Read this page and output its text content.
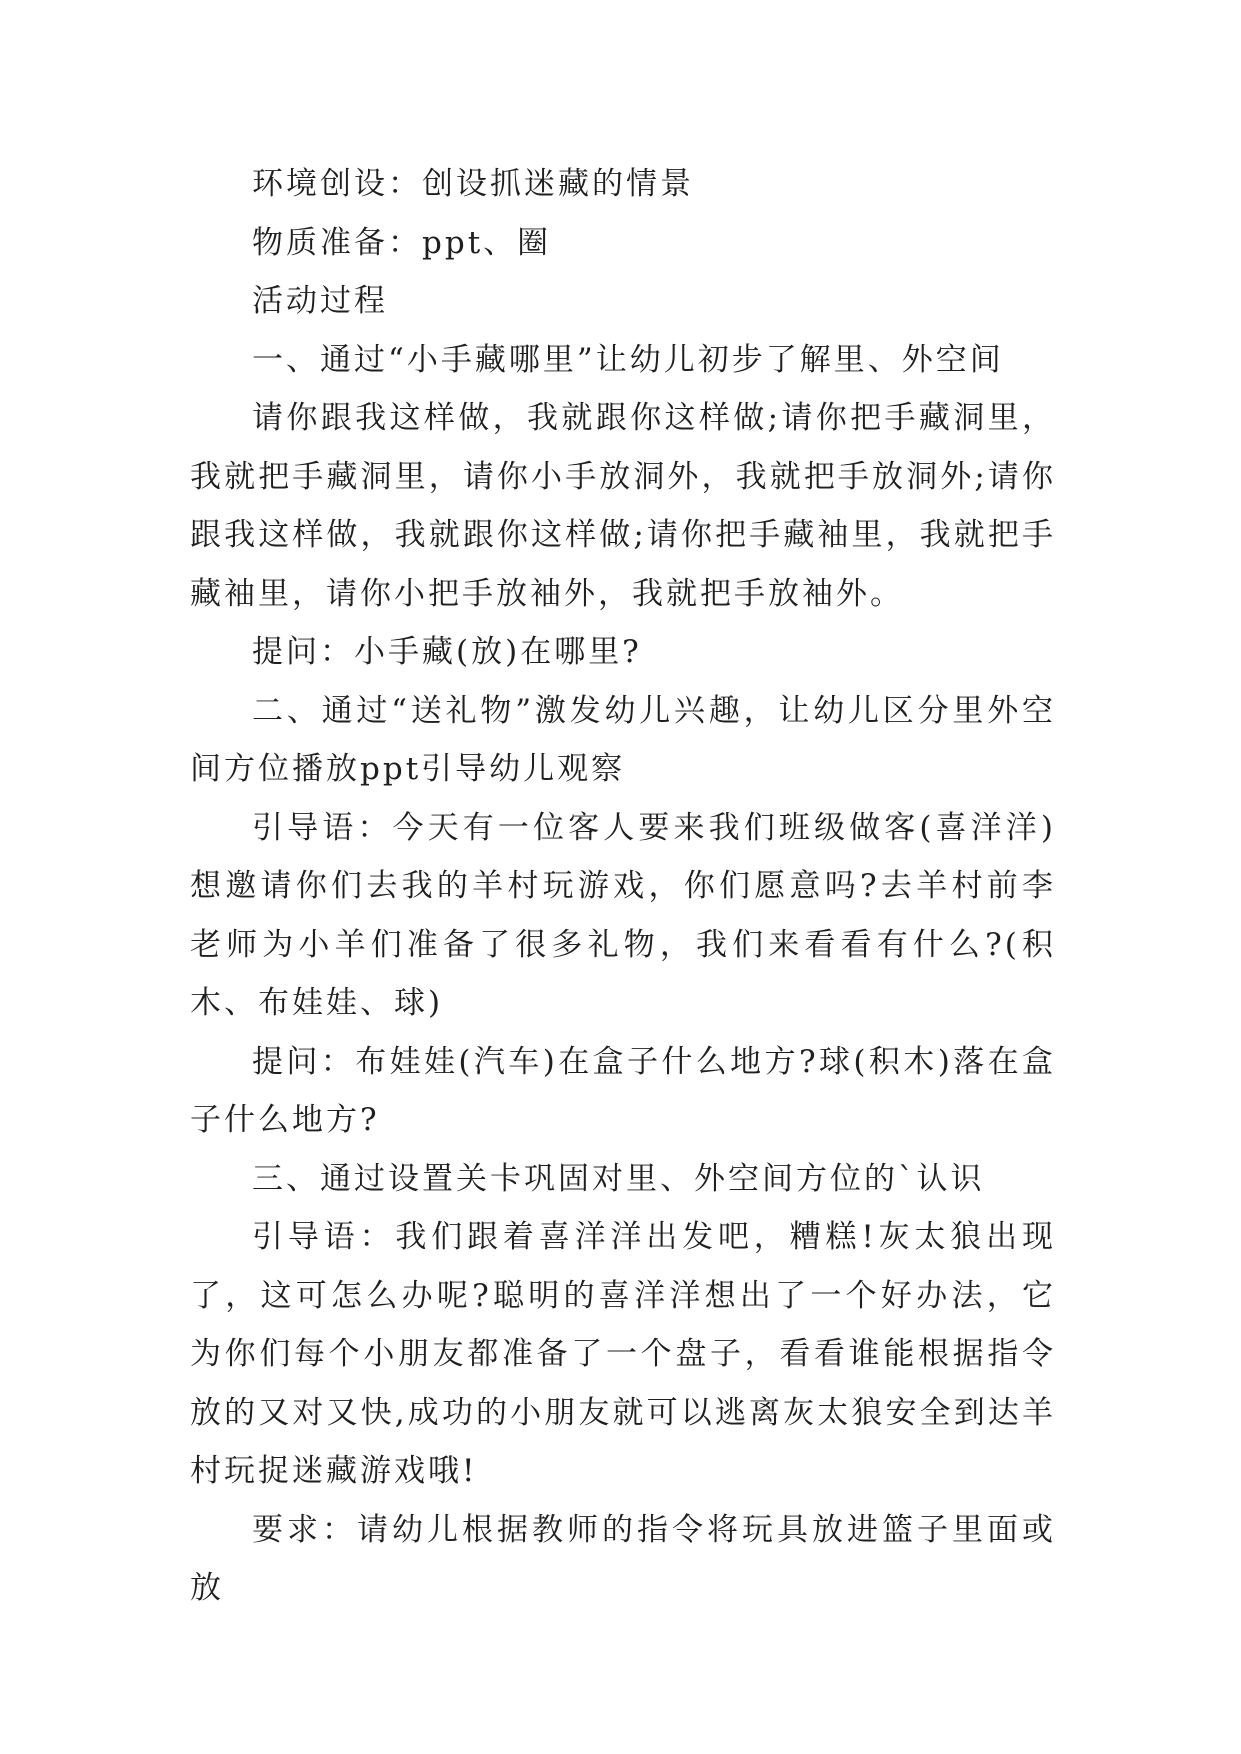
环境创设：创设抓迷藏的情景

物质准备：ppt、圈

活动过程

一、通过“小手藏哪里”让幼儿初步了解里、外空间

请你跟我这样做，我就跟你这样做;请你把手藏洞里，我就把手藏洞里，请你小手放洞外，我就把手放洞外;请你跟我这样做，我就跟你这样做;请你把手藏袖里，我就把手藏袖里，请你小把手放袖外，我就把手放袖外。

提问：小手藏(放)在哪里?

二、通过“送礼物”激发幼儿兴趣，让幼儿区分里外空间方位播放ppt引导幼儿观察

引导语：今天有一位客人要来我们班级做客(喜洋洋)想邀请你们去我的羊村玩游戏，你们愿意吗?去羊村前李老师为小羊们准备了很多礼物，我们来看看有什么?(积木、布娃娃、球)

提问：布娃娃(汽车)在盒子什么地方?球(积木)落在盒子什么地方?

三、通过设置关卡巩固对里、外空间方位的`认识

引导语：我们跟着喜洋洋出发吧，糟糕!灰太狼出现了，这可怎么办呢?聪明的喜洋洋想出了一个好办法，它为你们每个小朋友都准备了一个盘子，看看谁能根据指令放的又对又快,成功的小朋友就可以逃离灰太狼安全到达羊村玩捉迷藏游戏哦!

要求：请幼儿根据教师的指令将玩具放进篮子里面或放
